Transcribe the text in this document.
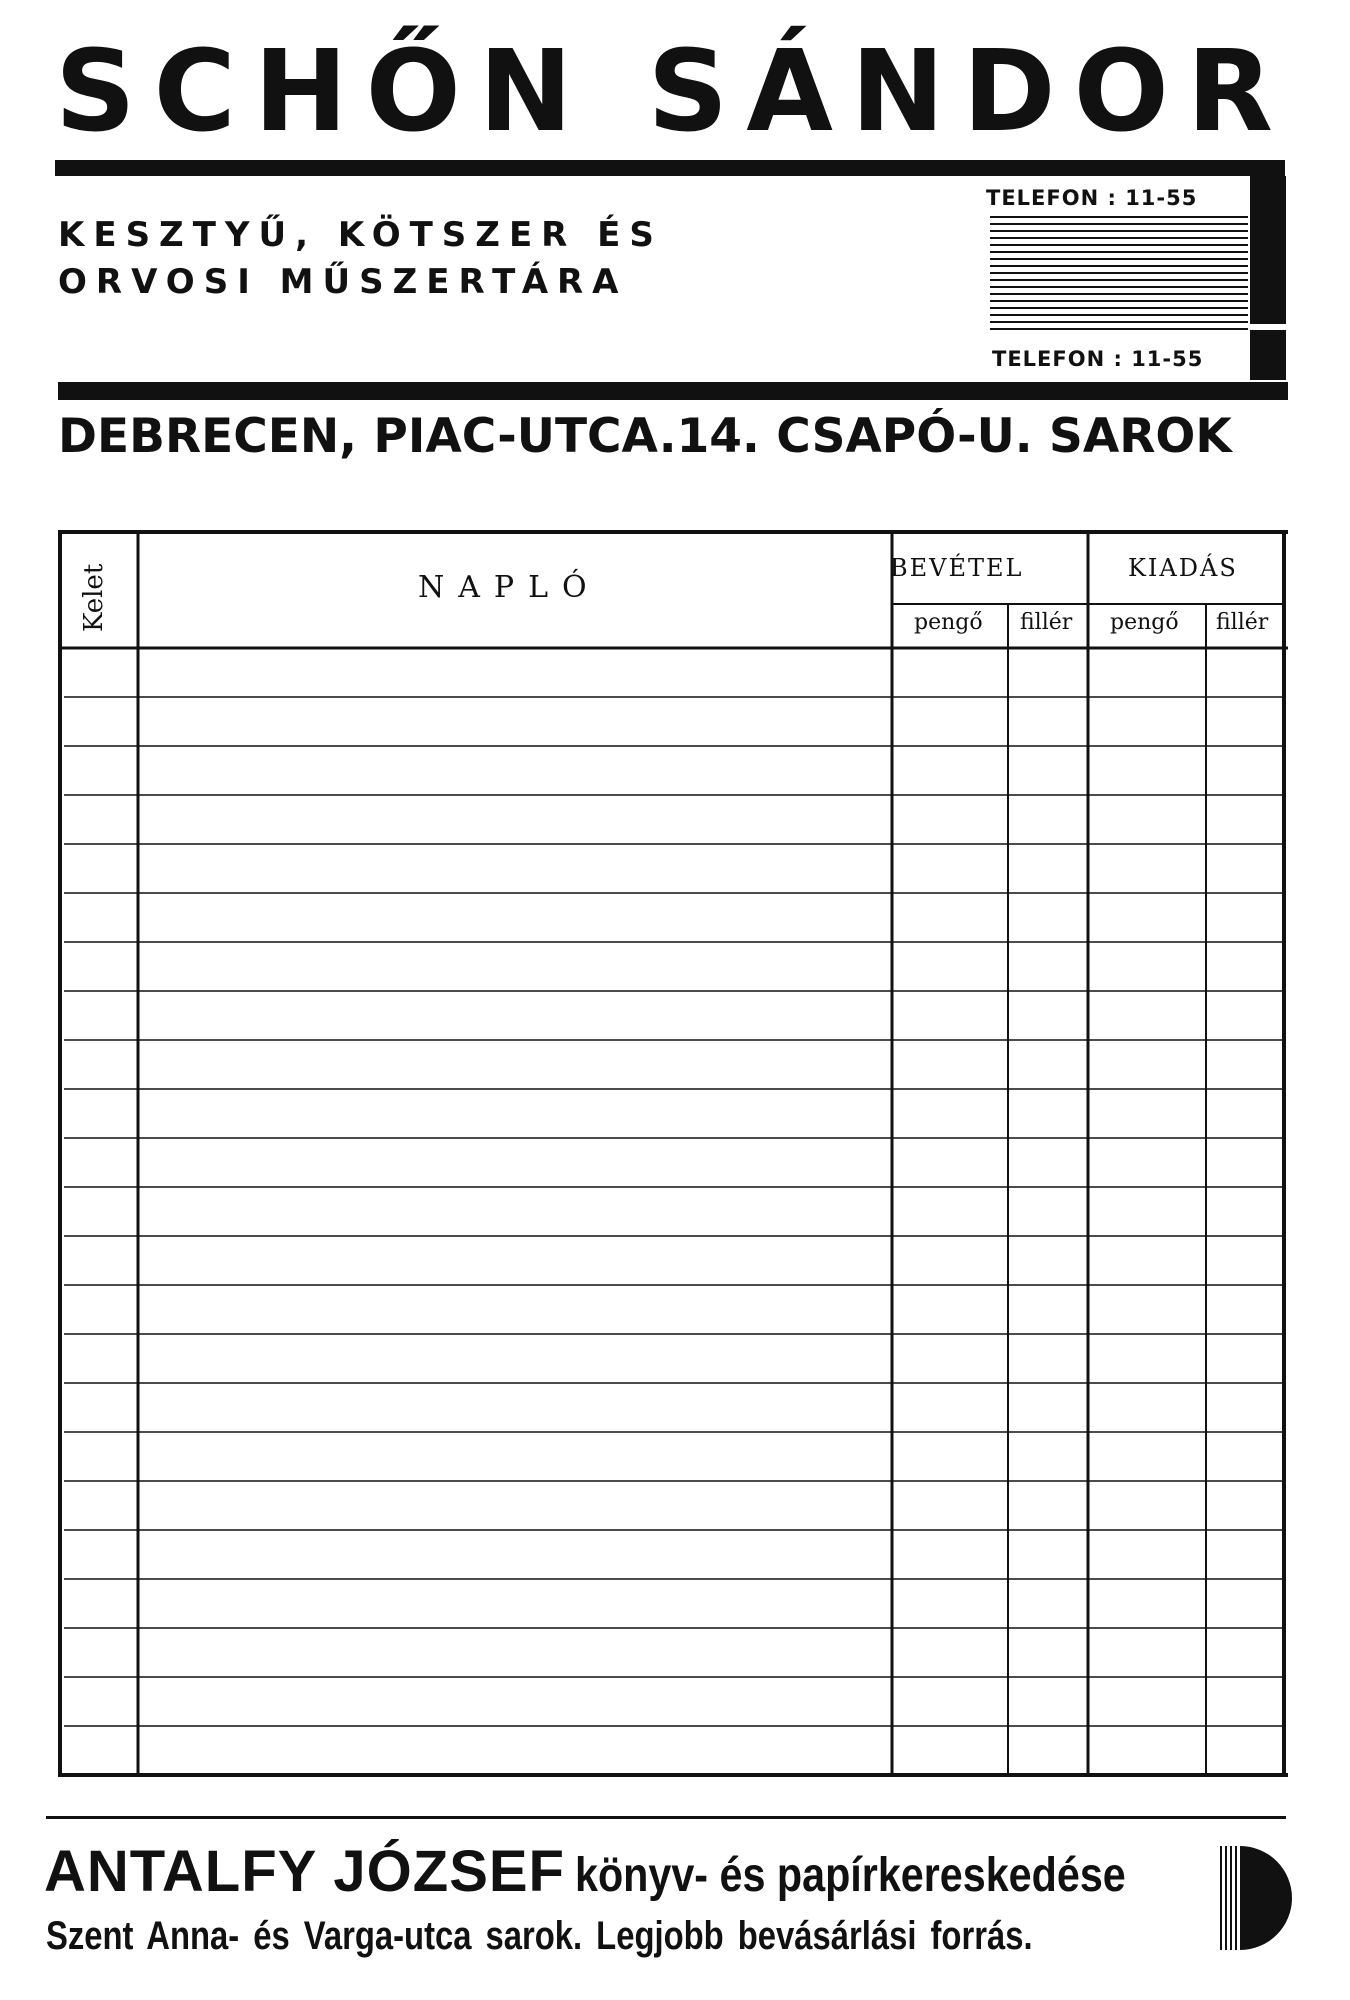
SCHŐN SÁNDOR
KESZTYŰ, KÖTSZER ÉS
ORVOSI MŰSZERTÁRA
TELEFON : 11-55
TELEFON : 11-55
DEBRECEN, PIAC-UTCA.14. CSAPÓ-U. SAROK
Kelet	NAPLÓ
BEVÉTEL	KIADÁS
pengő fillér pengő fillér
ANTALFY JÓZSEF könyv- és papírkereskedése
Szent Anna- és Varga-utca sarok. Legjobb bevásárlási forrás.
